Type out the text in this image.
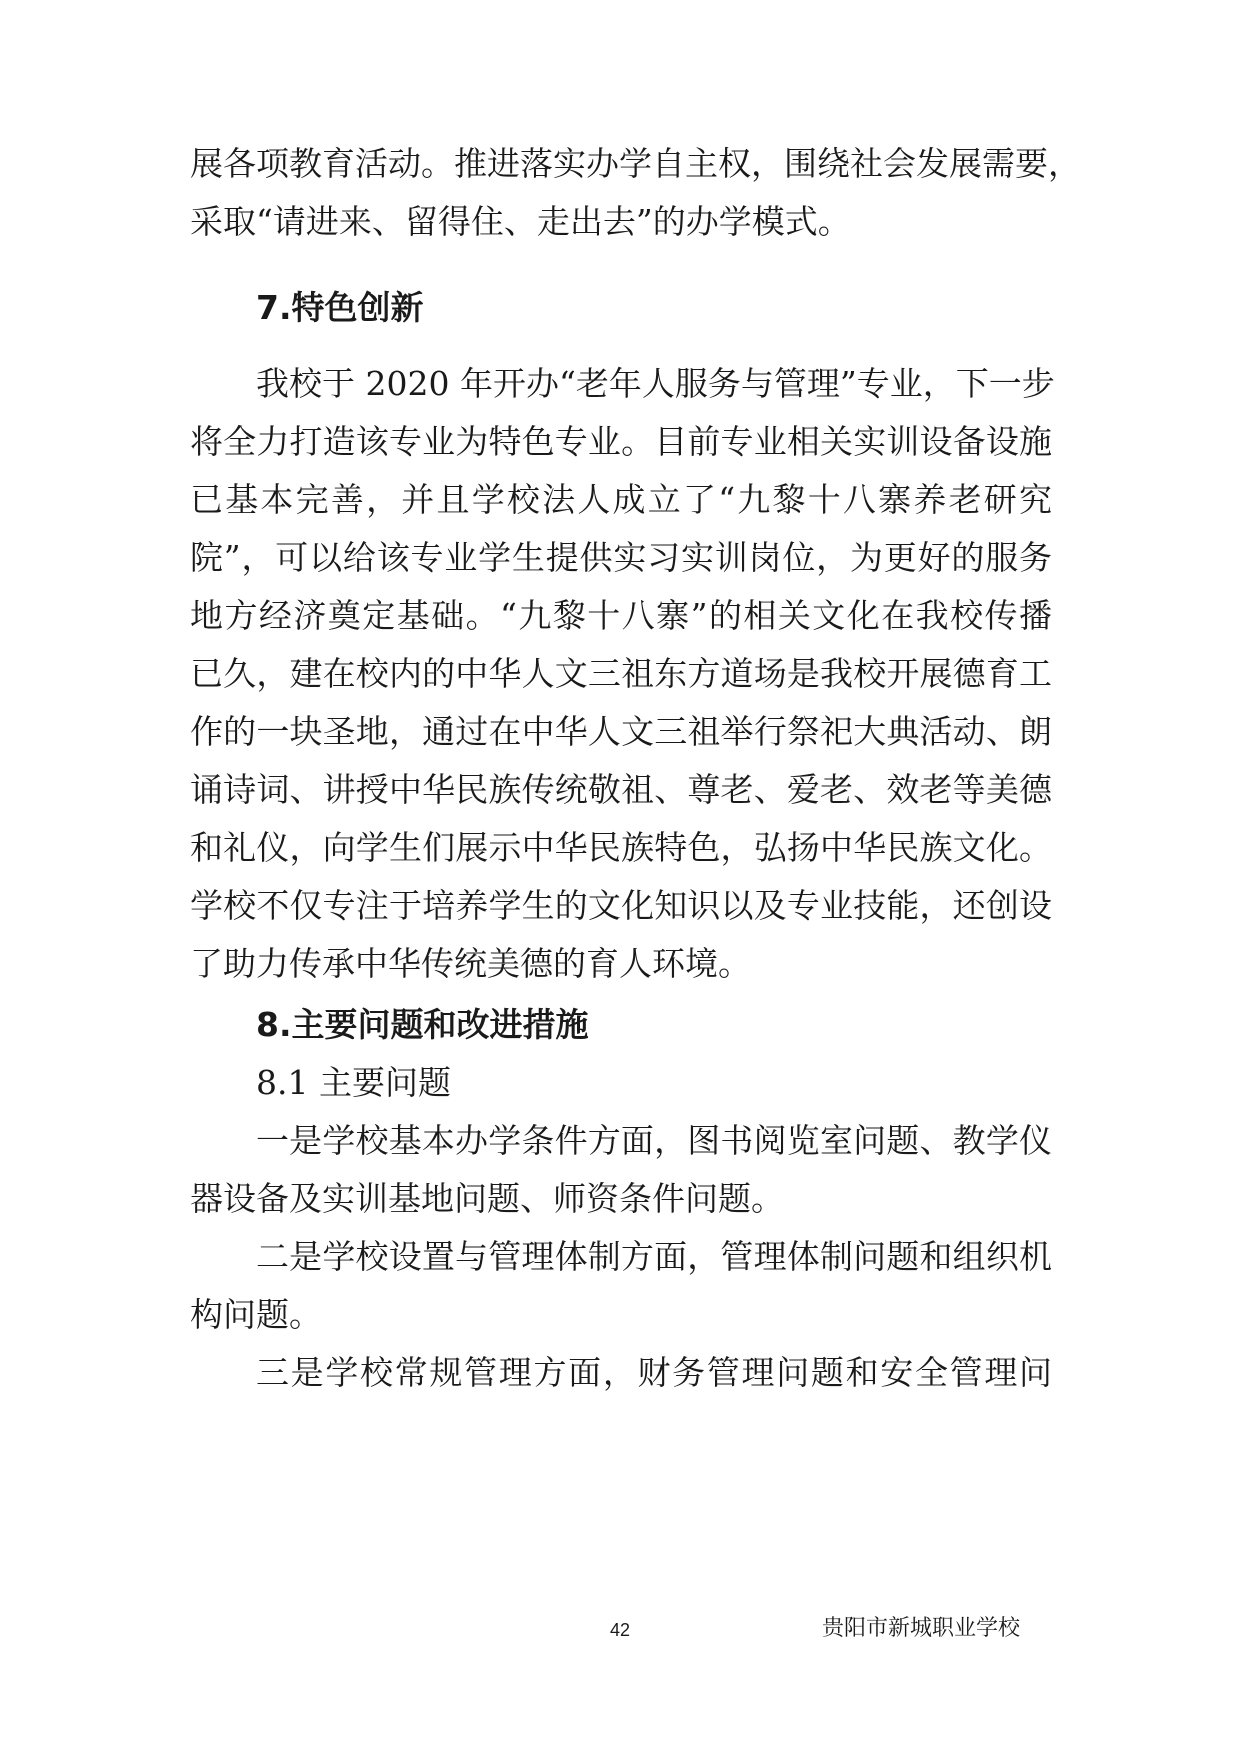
展各项教育活动。推进落实办学自主权，围绕社会发展需要，
采取“请进来、留得住、走出去”的办学模式。
7.特色创新
我校于 2020 年开办“老年人服务与管理”专业，下一步
将全力打造该专业为特色专业。目前专业相关实训设备设施
已基本完善，并且学校法人成立了“九黎十八寨养老研究
院”，可以给该专业学生提供实习实训岗位，为更好的服务
地方经济奠定基础。“九黎十八寨”的相关文化在我校传播
已久，建在校内的中华人文三祖东方道场是我校开展德育工
作的一块圣地，通过在中华人文三祖举行祭祀大典活动、朗
诵诗词、讲授中华民族传统敬祖、尊老、爱老、效老等美德
和礼仪，向学生们展示中华民族特色，弘扬中华民族文化。
学校不仅专注于培养学生的文化知识以及专业技能，还创设
了助力传承中华传统美德的育人环境。
8.主要问题和改进措施
8.1 主要问题
一是学校基本办学条件方面，图书阅览室问题、教学仪
器设备及实训基地问题、师资条件问题。
二是学校设置与管理体制方面，管理体制问题和组织机
构问题。
三是学校常规管理方面，财务管理问题和安全管理问
42	贵阳市新城职业学校
